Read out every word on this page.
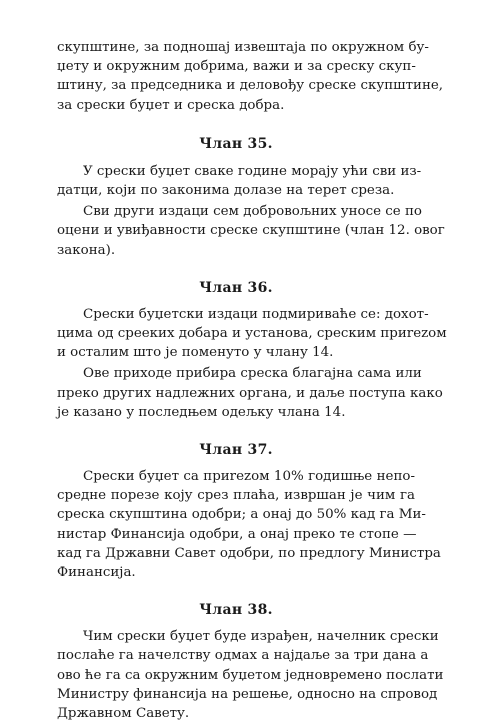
скупштине, за подношај извештаја по окружном бу-
џету и окружним добрима, важи и за среску скуп-
штину, за председника и деловођу среске скупштине,
за срески буџет и среска добра.

Члан 35.

У срески буџет сваке године морају ући сви из-
датци, који по законима долазе на терет среза.

Сви други издаци сем добровољних уносе се по
оцени и увиђавности среске скупштине (члан 12. овог
закона).

Члан 36.

Срески буџетски издаци подмириваће се: дохот-
цима од срееких добара и установа, среским приrezом
и осталим што је поменуто у члану 14.

Ове приходе прибира среска благајна сама или
преко других надлежних органа, и даље поступа како
је казано у последњем одељку члана 14.

Члан 37.

Срески буџет са приrezом 10% годишње непо-
средне порезе коју срез плаћа, извршан је чим га
среска скупштина одобри; а онај до 50% кад га Ми-
нистар Финансија одобри, а онај преко те стопе —
кад га Државни Савет одобри, по предлогу Министра
Финансија.

Члан 38.

Чим срески буџет буде израђен, начелник срески
послаће га начелству одмах а најдаље за три дана а
ово ће га са окружним буџетом једновремено послати
Министру финансија на решење, односно на спровод
Државном Савету.
